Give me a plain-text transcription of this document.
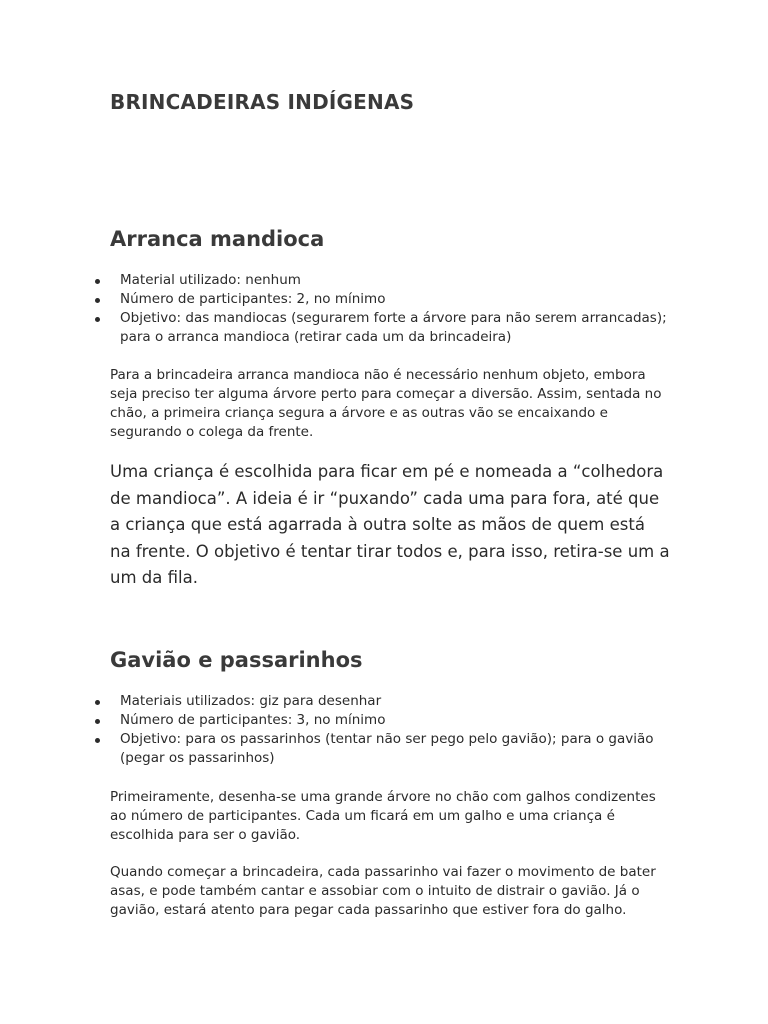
BRINCADEIRAS INDÍGENAS
Arranca mandioca
Material utilizado: nenhum
Número de participantes: 2, no mínimo
Objetivo: das mandiocas (segurarem forte a árvore para não serem arrancadas); para o arranca mandioca (retirar cada um da brincadeira)

Para a brincadeira arranca mandioca não é necessário nenhum objeto, embora seja preciso ter alguma árvore perto para começar a diversão. Assim, sentada no chão, a primeira criança segura a árvore e as outras vão se encaixando e segurando o colega da frente.

Uma criança é escolhida para ficar em pé e nomeada a “colhedora de mandioca”. A ideia é ir “puxando” cada uma para fora, até que a criança que está agarrada à outra solte as mãos de quem está na frente. O objetivo é tentar tirar todos e, para isso, retira-se um a um da fila.

Gavião e passarinhos
Materiais utilizados: giz para desenhar
Número de participantes: 3, no mínimo
Objetivo: para os passarinhos (tentar não ser pego pelo gavião); para o gavião (pegar os passarinhos)

Primeiramente, desenha-se uma grande árvore no chão com galhos condizentes ao número de participantes. Cada um ficará em um galho e uma criança é escolhida para ser o gavião.

Quando começar a brincadeira, cada passarinho vai fazer o movimento de bater asas, e pode também cantar e assobiar com o intuito de distrair o gavião. Já o gavião, estará atento para pegar cada passarinho que estiver fora do galho.
